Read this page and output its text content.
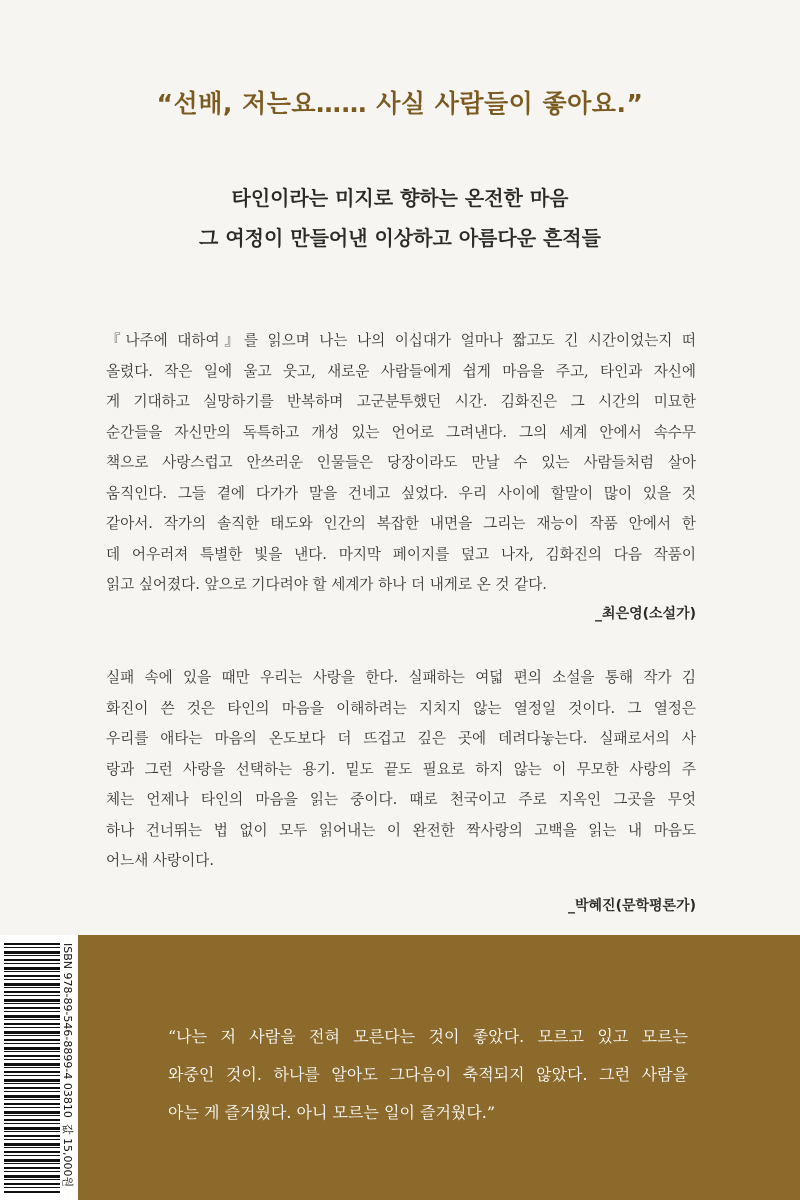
“선배, 저는요…… 사실 사람들이 좋아요.”
타인이라는 미지로 향하는 온전한 마음
그 여정이 만들어낸 이상하고 아름다운 흔적들
『나주에 대하여』를 읽으며 나는 나의 이십대가 얼마나 짧고도 긴 시간이었는지 떠
올렸다. 작은 일에 울고 웃고, 새로운 사람들에게 쉽게 마음을 주고, 타인과 자신에
게 기대하고 실망하기를 반복하며 고군분투했던 시간. 김화진은 그 시간의 미묘한
순간들을 자신만의 독특하고 개성 있는 언어로 그려낸다. 그의 세계 안에서 속수무
책으로 사랑스럽고 안쓰러운 인물들은 당장이라도 만날 수 있는 사람들처럼 살아
움직인다. 그들 곁에 다가가 말을 건네고 싶었다. 우리 사이에 할말이 많이 있을 것
같아서. 작가의 솔직한 태도와 인간의 복잡한 내면을 그리는 재능이 작품 안에서 한
데 어우러져 특별한 빛을 낸다. 마지막 페이지를 덮고 나자, 김화진의 다음 작품이
읽고 싶어졌다. 앞으로 기다려야 할 세계가 하나 더 내게로 온 것 같다.
_최은영(소설가)
실패 속에 있을 때만 우리는 사랑을 한다. 실패하는 여덟 편의 소설을 통해 작가 김
화진이 쓴 것은 타인의 마음을 이해하려는 지치지 않는 열정일 것이다. 그 열정은
우리를 애타는 마음의 온도보다 더 뜨겁고 깊은 곳에 데려다놓는다. 실패로서의 사
랑과 그런 사랑을 선택하는 용기. 밑도 끝도 필요로 하지 않는 이 무모한 사랑의 주
체는 언제나 타인의 마음을 읽는 중이다. 때로 천국이고 주로 지옥인 그곳을 무엇
하나 건너뛰는 법 없이 모두 읽어내는 이 완전한 짝사랑의 고백을 읽는 내 마음도
어느새 사랑이다.
_박혜진(문학평론가)
“나는 저 사람을 전혀 모른다는 것이 좋았다. 모르고 있고 모르는
와중인 것이. 하나를 알아도 그다음이 축적되지 않았다. 그런 사람을
아는 게 즐거웠다. 아니 모르는 일이 즐거웠다.”
ISBN 978-89-546-8899-4 03810값 15,000원
